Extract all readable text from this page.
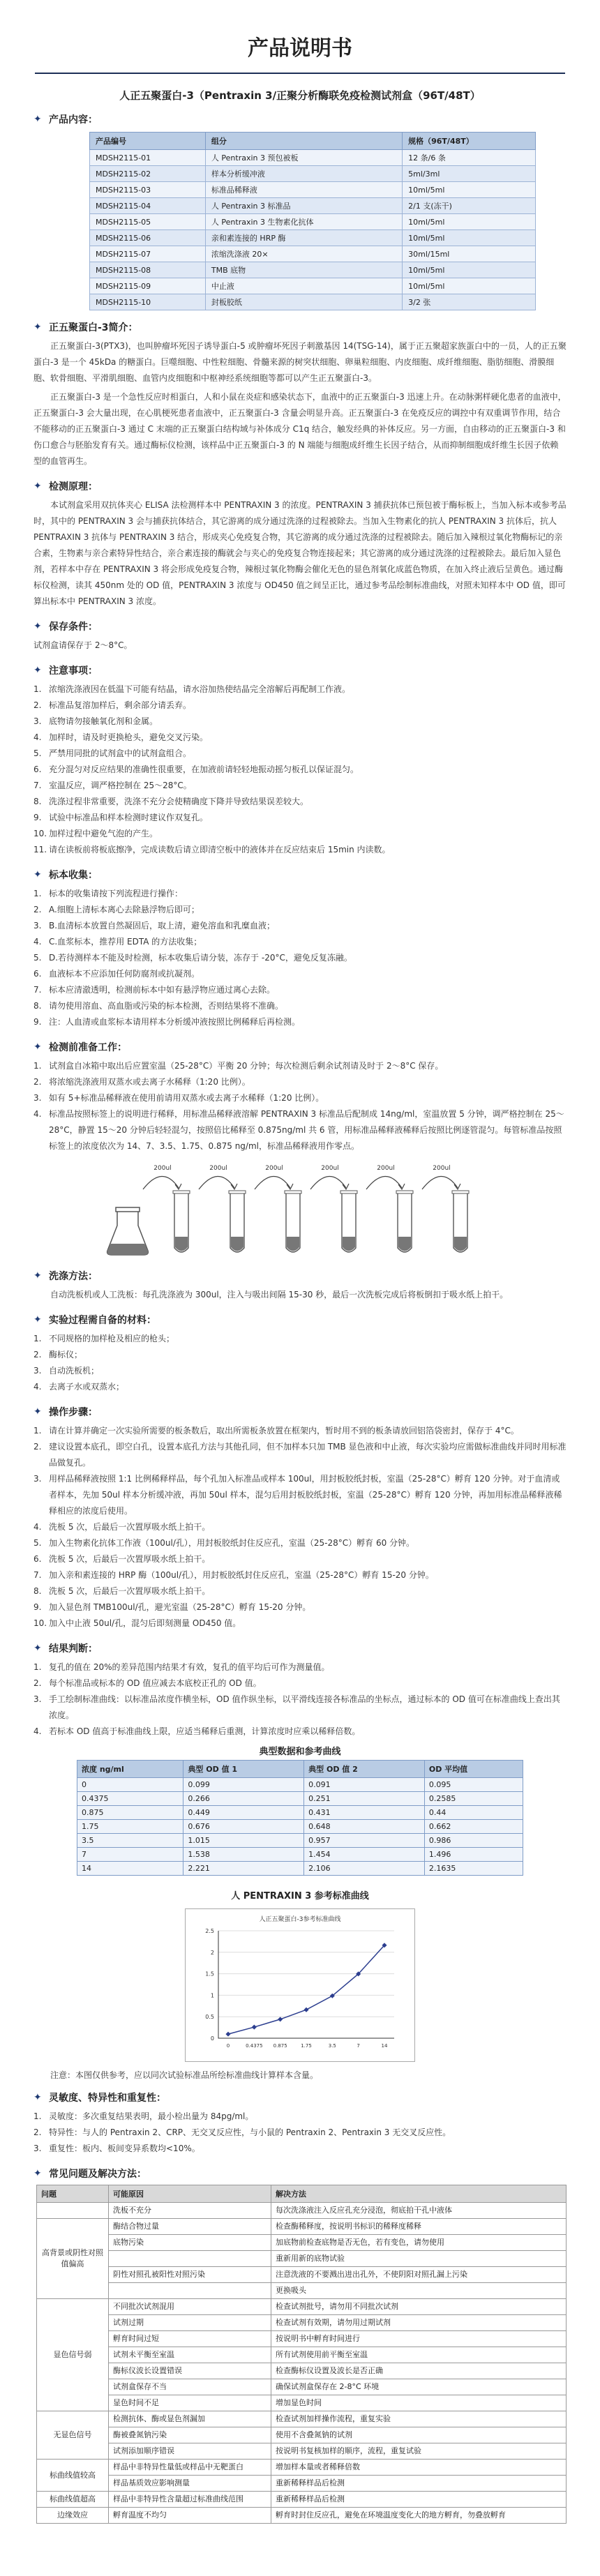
产品说明书
人正五聚蛋白-3（Pentraxin 3/正聚分析酶联免疫检测试剂盒（96T/48T）
✦ 产品内容：
产品编号	组分	规格（96T/48T）
MDSH2115-01	人 Pentraxin 3 预包被板	12 条/6 条
MDSH2115-02	样本分析缓冲液	5ml/3ml
MDSH2115-03	标准品稀释液	10ml/5ml
MDSH2115-04	人 Pentraxin 3 标准品	2/1 支(冻干)
MDSH2115-05	人 Pentraxin 3 生物素化抗体	10ml/5ml
MDSH2115-06	亲和素连接的 HRP 酶	10ml/5ml
MDSH2115-07	浓缩洗涤液 20×	30ml/15ml
MDSH2115-08	TMB 底物	10ml/5ml
MDSH2115-09	中止液	10ml/5ml
MDSH2115-10	封板胶纸	3/2 张
✦ 正五聚蛋白-3简介：

正五聚蛋白-3(PTX3)，也叫肿瘤坏死因子诱导蛋白-5 或肿瘤坏死因子刺激基因 14(TSG-14)，属于正五聚超家族蛋白中的一员，人的正五聚蛋白-3 是一个 45kDa 的糖蛋白。巨噬细胞、中性粒细胞、骨髓来源的树突状细胞、卵巢粒细胞、内皮细胞、成纤维细胞、脂肪细胞、滑膜细胞、软骨细胞、平滑肌细胞、血管内皮细胞和中枢神经系统细胞等都可以产生正五聚蛋白-3。

正五聚蛋白-3 是一个急性反应时相蛋白，人和小鼠在炎症和感染状态下，血液中的正五聚蛋白-3 迅速上升。在动脉粥样硬化患者的血液中，正五聚蛋白-3 会大量出现，在心肌梗死患者血液中，正五聚蛋白-3 含量会明显升高。正五聚蛋白-3 在免疫反应的调控中有双重调节作用，结合不能移动的正五聚蛋白-3 通过 C 末端的正五聚蛋白结构域与补体成分 C1q 结合，触发经典的补体反应。另一方面，自由移动的正五聚蛋白-3 和伤口愈合与胚胎发育有关。通过酶标仪检测，该样品中正五聚蛋白-3 的 N 端能与细胞成纤维生长因子结合，从而抑制细胞成纤维生长因子依赖型的血管再生。

✦ 检测原理：

本试剂盒采用双抗体夹心 ELISA 法检测样本中 PENTRAXIN 3 的浓度。PENTRAXIN 3 捕获抗体已预包被于酶标板上，当加入标本或参考品时，其中的 PENTRAXIN 3 会与捕获抗体结合，其它游离的成分通过洗涤的过程被除去。当加入生物素化的抗人 PENTRAXIN 3 抗体后，抗人 PENTRAXIN 3 抗体与 PENTRAXIN 3 结合，形成夹心免疫复合物，其它游离的成分通过洗涤的过程被除去。随后加入辣根过氧化物酶标记的亲合素，生物素与亲合素特异性结合，亲合素连接的酶就会与夹心的免疫复合物连接起来；其它游离的成分通过洗涤的过程被除去。最后加入显色剂，若样本中存在 PENTRAXIN 3 将会形成免疫复合物，辣根过氧化物酶会催化无色的显色剂氧化成蓝色物质，在加入终止液后呈黄色。通过酶标仪检测，读其 450nm 处的 OD 值，PENTRAXIN 3 浓度与 OD450 值之间呈正比，通过参考品绘制标准曲线，对照未知样本中 OD 值，即可算出标本中 PENTRAXIN 3 浓度。

✦ 保存条件：

试剂盒请保存于 2～8°C。

✦ 注意事项：
1. 浓缩洗涤液因在低温下可能有结晶，请水浴加热使结晶完全溶解后再配制工作液。
2. 标准品复溶加样后，剩余部分请丢弃。
3. 底物请勿接触氧化剂和金属。
4. 加样时，请及时更换枪头，避免交叉污染。
5. 严禁用同批的试剂盒中的试剂盒组合。
6. 充分混匀对反应结果的准确性很重要，在加液前请轻轻地振动摇匀板孔以保证混匀。
7. 室温反应，调严格控制在 25～28°C。
8. 洗涤过程非常重要，洗涤不充分会使精确度下降并导致结果误差较大。
9. 试验中标准品和样本检测时建议作双复孔。
10. 加样过程中避免气泡的产生。
11. 请在读板前将板底擦净，完成读数后请立即清空板中的液体并在反应结束后 15min 内读数。
✦ 标本收集：
1. 标本的收集请按下列流程进行操作：
2. A.细胞上清标本离心去除悬浮物后即可；
3. B.血清标本放置自然凝固后，取上清，避免溶血和乳糜血液；
4. C.血浆标本，推荐用 EDTA 的方法收集；
5. D.若待测样本不能及时检测，标本收集后请分装，冻存于 -20°C，避免反复冻融。
6. 血液标本不应添加任何防腐剂或抗凝剂。
7. 标本应清澈透明，检测前标本中如有悬浮物应通过离心去除。
8. 请勿使用溶血、高血脂或污染的标本检测，否则结果将不准确。
9. 注：人血清或血浆标本请用样本分析缓冲液按照比例稀释后再检测。
✦ 检测前准备工作：
1. 试剂盒自冰箱中取出后应置室温（25-28°C）平衡 20 分钟；每次检测后剩余试剂请及时于 2～8°C 保存。
2. 将浓缩洗涤液用双蒸水或去离子水稀释（1:20 比例）。
3. 如有 5+标准品稀释液在使用前请用双蒸水或去离子水稀释（1:20 比例）。
4. 标准品按照标签上的说明进行稀释，用标准品稀释液溶解 PENTRAXIN 3 标准品后配制成 14ng/ml，室温放置 5 分钟，调严格控制在 25～28°C，静置 15～20 分钟后轻轻混匀，按照倍比稀释至 0.875ng/ml 共 6 管，用标准品稀释液稀释后按照比例逐管混匀。每管标准品按照标签上的浓度依次为 14、7、3.5、1.75、0.875 ng/ml，标准品稀释液用作零点。
200ul	200ul	200ul	200ul	200ul	200ul
✦ 洗涤方法：

自动洗板机或人工洗板：每孔洗涤液为 300ul，注入与吸出间隔 15-30 秒，最后一次洗板完成后将板倒扣于吸水纸上拍干。

✦ 实验过程需自备的材料：
1. 不同规格的加样枪及相应的枪头；
2. 酶标仪；
3. 自动洗板机；
4. 去离子水或双蒸水；
✦ 操作步骤：
1. 请在计算并确定一次实验所需要的板条数后，取出所需板条放置在框架内，暂时用不到的板条请放回铝箔袋密封，保存于 4°C。
2. 建议设置本底孔，即空白孔，设置本底孔方法与其他孔同，但不加样本只加 TMB 显色液和中止液，每次实验均应需做标准曲线并同时用标准品做复孔。
3. 用样品稀释液按照 1:1 比例稀释样品，每个孔加入标准品或样本 100ul，用封板胶纸封板，室温（25-28°C）孵育 120 分钟。对于血清或者样本，先加 50ul 样本分析缓冲液，再加 50ul 样本，混匀后用封板胶纸封板，室温（25-28°C）孵育 120 分钟，再加用标准品稀释液稀释相应的浓度后使用。
4. 洗板 5 次，后最后一次置厚吸水纸上拍干。
5. 加入生物素化抗体工作液（100ul/孔），用封板胶纸封住反应孔，室温（25-28°C）孵育 60 分钟。
6. 洗板 5 次，后最后一次置厚吸水纸上拍干。
7. 加入亲和素连接的 HRP 酶（100ul/孔），用封板胶纸封住反应孔，室温（25-28°C）孵育 15-20 分钟。
8. 洗板 5 次，后最后一次置厚吸水纸上拍干。
9. 加入显色剂 TMB100ul/孔，避光室温（25-28°C）孵育 15-20 分钟。
10. 加入中止液 50ul/孔，混匀后即刻测量 OD450 值。
✦ 结果判断：
1. 复孔的值在 20%的差异范围内结果才有效，复孔的值平均后可作为测量值。
2. 每个标准品或标本的 OD 值应减去本底校正孔的 OD 值。
3. 手工绘制标准曲线：以标准品浓度作横坐标，OD 值作纵坐标，以平滑线连接各标准品的坐标点，通过标本的 OD 值可在标准曲线上查出其浓度。
4. 若标本 OD 值高于标准曲线上限，应适当稀释后重测，计算浓度时应乘以稀释倍数。
典型数据和参考曲线
浓度 ng/ml	典型 OD 值 1	典型 OD 值 2	OD 平均值
0	0.099	0.091	0.095
0.4375	0.266	0.251	0.2585
0.875	0.449	0.431	0.44
1.75	0.676	0.648	0.662
3.5	1.015	0.957	0.986
7	1.538	1.454	1.496
14	2.221	2.106	2.1635
人 PENTRAXIN 3 参考标准曲线
人正五聚蛋白-3参考标准曲线
0
0.5
1
1.5
2
2.5
0	0.4375 0.875	1.75	3.5	7	14

注意：本图仅供参考，应以同次试验标准品所绘标准曲线计算样本含量。

✦ 灵敏度、特异性和重复性：
1. 灵敏度：多次重复结果表明，最小检出量为 84pg/ml。
2. 特异性：与人的 Pentraxin 2、CRP、无交叉反应性，与小鼠的 Pentraxin 2、Pentraxin 3 无交叉反应性。
3. 重复性：板内、板间变异系数均<10%。
✦ 常见问题及解决方法：
问题	可能原因	解决方法
	洗板不充分	每次洗涤液注入反应孔充分浸泡，彻底拍干孔中液体
高背景或阴性对照值偏高	酶结合物过量	检查酶稀释度，按说明书标识的稀释度稀释
	底物污染	加底物前检查底物是否无色，若有变色，请勿使用
		重新用新的底物试验
	阴性对照孔被阳性对照污染	注意洗液的不要溅出进出孔外，不使阴阳对照孔漏上污染
		更换吸头
显色信号弱	不同批次试剂混用	检查试剂批号，请勿用不同批次试剂
	试剂过期	检查试剂有效期，请勿用过期试剂
	孵育时间过短	按说明书中孵育时间进行
	试剂未平衡至室温	所有试剂使用前平衡至室温
	酶标仪波长设置错误	检查酶标仪设置及波长是否正确
	试剂盒保存不当	确保试剂盒保存在 2-8°C 环境
	显色时间不足	增加显色时间
无显色信号	检测抗体、酶或显色剂漏加	检查试剂加样操作流程，重复实验
	酶被叠氮钠污染	使用不含叠氮钠的试剂
	试剂添加顺序错误	按说明书复核加样的顺序，流程，重复试验
标曲线值较高	样品中非特异性量低或样品中无靶蛋白	增加样本量或者稀释倍数
	样品基质效应影响测量	重新稀释样品后检测
标曲线值超高	样品中非特异性含量超过标准曲线范围	重新稀释样品后检测
边缘效应	孵育温度不均匀	孵育时封住反应孔，避免在环境温度变化大的地方孵育，勿叠放孵育
